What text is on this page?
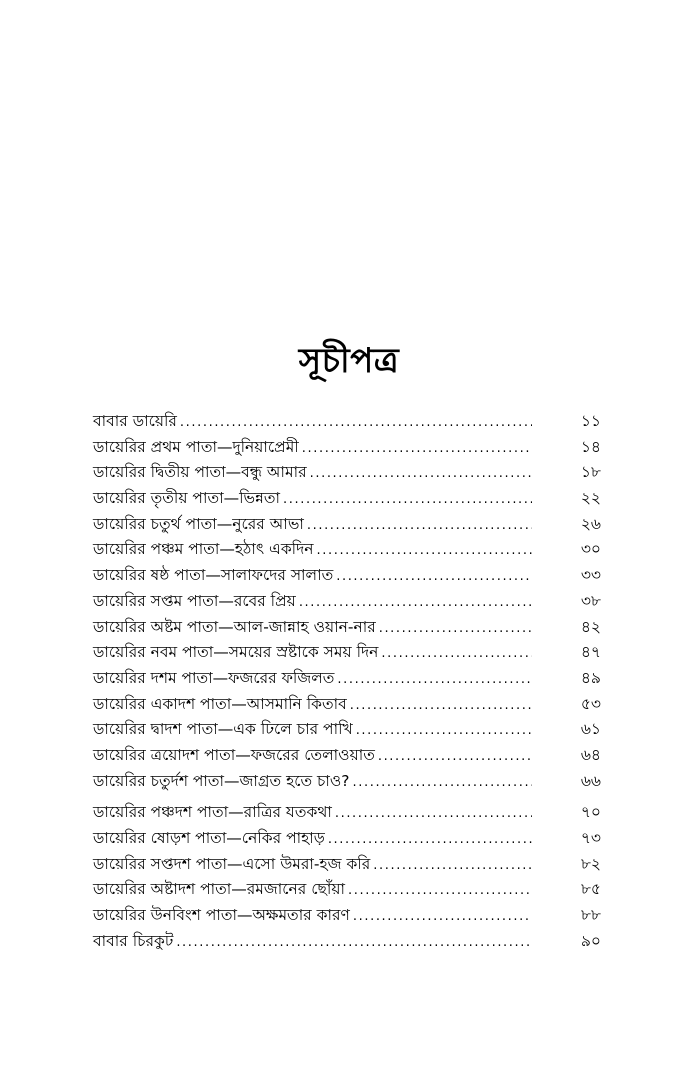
সূচীপত্র
বাবার ডায়েরি .....	১১
ডায়েরির প্রথম পাতা—দুনিয়াপ্রেমী .....	১৪
ডায়েরির দ্বিতীয় পাতা—বন্ধু আমার .....	১৮
ডায়েরির তৃতীয় পাতা—ভিন্নতা .....	২২
ডায়েরির চতুর্থ পাতা—নুরের আভা .....	২৬
ডায়েরির পঞ্চম পাতা—হঠাৎ একদিন .....	৩০
ডায়েরির ষষ্ঠ পাতা—সালাফদের সালাত .....	৩৩
ডায়েরির সপ্তম পাতা—রবের প্রিয় .....	৩৮
ডায়েরির অষ্টম পাতা—আল-জান্নাহ ওয়ান-নার .....	৪২
ডায়েরির নবম পাতা—সময়ের স্রষ্টাকে সময় দিন .....	৪৭
ডায়েরির দশম পাতা—ফজরের ফজিলত .....	৪৯
ডায়েরির একাদশ পাতা—আসমানি কিতাব .....	৫৩
ডায়েরির দ্বাদশ পাতা—এক ঢিলে চার পাখি .....	৬১
ডায়েরির ত্রয়োদশ পাতা—ফজরের তেলাওয়াত .....	৬৪
ডায়েরির চতুর্দশ পাতা—জাগ্রত হতে চাও? .....	৬৬
ডায়েরির পঞ্চদশ পাতা—রাত্রির যতকথা .....	৭০
ডায়েরির ষোড়শ পাতা—নেকির পাহাড় .....	৭৩
ডায়েরির সপ্তদশ পাতা—এসো উমরা-হজ করি .....	৮২
ডায়েরির অষ্টাদশ পাতা—রমজানের ছোঁয়া .....	৮৫
ডায়েরির উনবিংশ পাতা—অক্ষমতার কারণ .....	৮৮
বাবার চিরকুট .....	৯০
